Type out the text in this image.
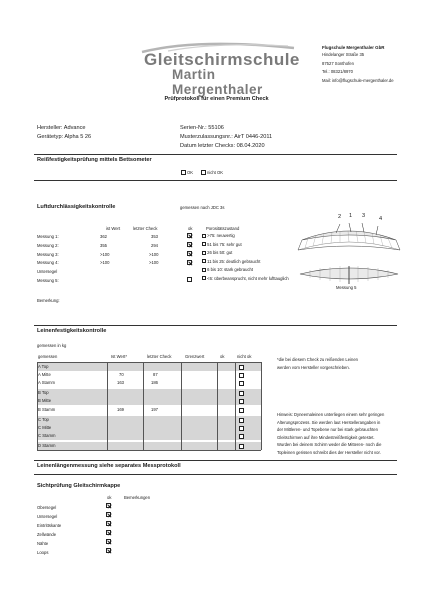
Gleitschirmschule
Martin Mergenthaler
Flugschule Mergenthaler GbR
Hindelanger Straße 35
87527 Sonthofen
Tel.: 08321/8970
Mail: info@flugschule-mergenthaler.de
Prüfprotokoll für einen Premium Check
Hersteller: Advance
Gerätetyp: Alpha 5 26
Serien-Nr.: 55106
Musterzulassungsnr.: AirT 0446-2011
Datum letzter Checks: 08.04.2020
Reißfestigkeitsprüfung mittels Bettsometer
OK	nicht OK
Luftdurchlässigkeitskontrolle	gemessen nach JDC 3s
ist Wert	letzter Check	ok	Porositätszustand
Messung 1:	362	353
Messung 2:	355	294
Messung 3:	>100	>100
Messung 4:	>100	>100
Untersegel
Messung 5:
>75: neuwertig
51 bis 75: sehr gut
26 bis 50: gut
11 bis 25: deutlich gebraucht
6 bis 10: stark gebraucht
<6: überbeansprucht, nicht mehr lufttauglich
2 1 3 4
Messung 5
Bemerkung:
Leinenfestigkeitskontrolle
gemessen in kg
gemessen	Ist Wert*	letzter Check	Grenzwert	ok	nicht ok
A Top
A Mitte	70	87
A Stamm	163	186
B Top
B Mitte
B Stamm	169	197
C Top
C Mitte
C Stamm
D Stamm
*die bei diesem Check zu reißenden Leinen
werden vom Hersteller vorgeschrieben.
Hinweis: Dyneemaleinen unterliegen einem sehr geringen
Alterungsprozess. Sie werden laut Herstellerangaben in
der Mittleren- und Topebene nur bei stark gebrauchten
Gleitschirmen auf ihre Mindestreißfestigkeit getestet.
Wurden bei deinem Schirm weder die Mitteren- noch die
Topleinen gerissen schreibt dies der Hersteller nicht vor.
Leinenlängenmessung siehe separates Messprotokoll
Sichtprüfung Gleitschirmkappe
ok	Bemerkungen
Obersegel
Untersegel
Eintrittskante
Zellwände
Nähte
Loops
